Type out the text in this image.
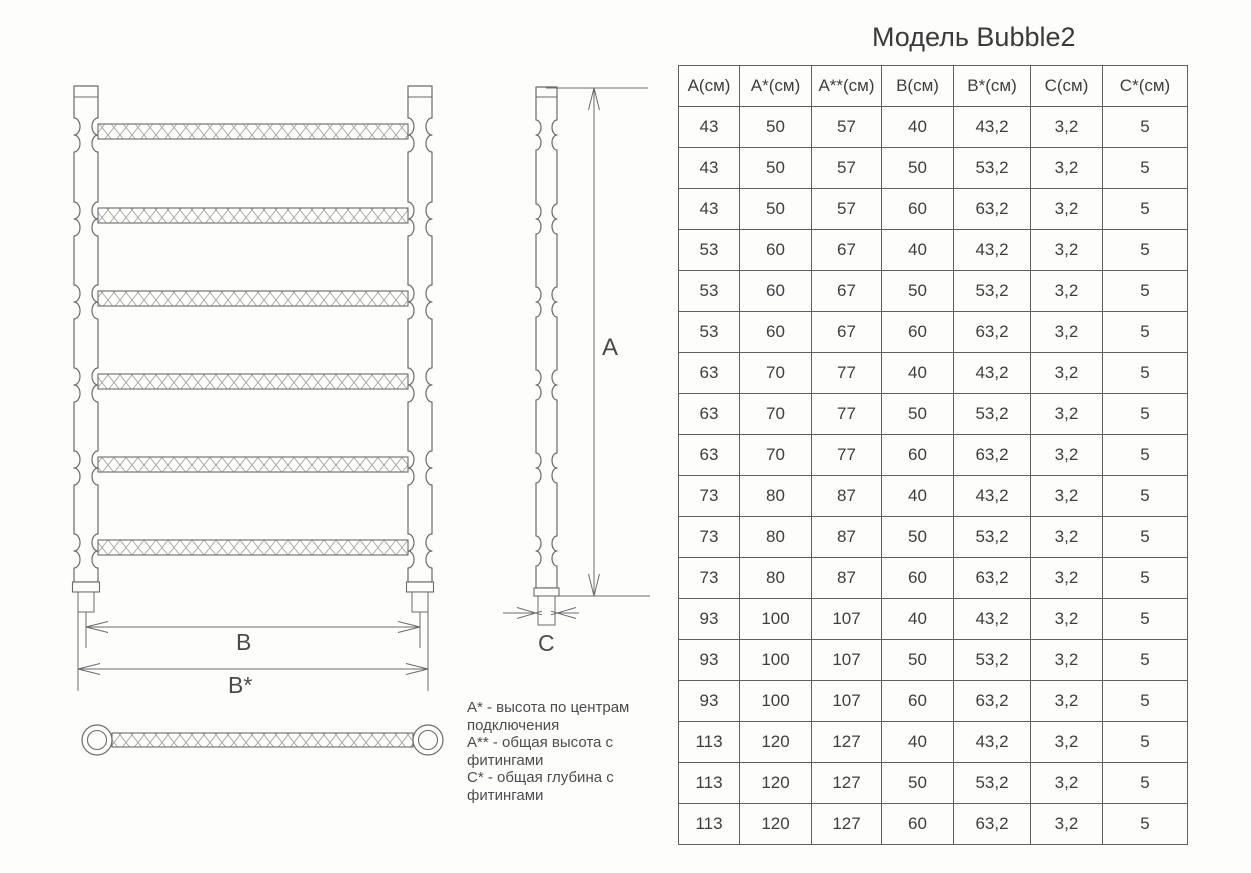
B
B*
A
C
Модель Bubble2
А(см)	А*(см)	А**(см)	В(см)	В*(см)	С(см)	С*(см)
43	50	57	40	43,2	3,2	5
43	50	57	50	53,2	3,2	5
43	50	57	60	63,2	3,2	5
53	60	67	40	43,2	3,2	5
53	60	67	50	53,2	3,2	5
53	60	67	60	63,2	3,2	5
63	70	77	40	43,2	3,2	5
63	70	77	50	53,2	3,2	5
63	70	77	60	63,2	3,2	5
73	80	87	40	43,2	3,2	5
73	80	87	50	53,2	3,2	5
73	80	87	60	63,2	3,2	5
93	100	107	40	43,2	3,2	5
93	100	107	50	53,2	3,2	5
93	100	107	60	63,2	3,2	5
113	120	127	40	43,2	3,2	5
113	120	127	50	53,2	3,2	5
113	120	127	60	63,2	3,2	5
А* - высота по центрам подключения
А** - общая высота с фитингами
С* - общая глубина с фитингами
